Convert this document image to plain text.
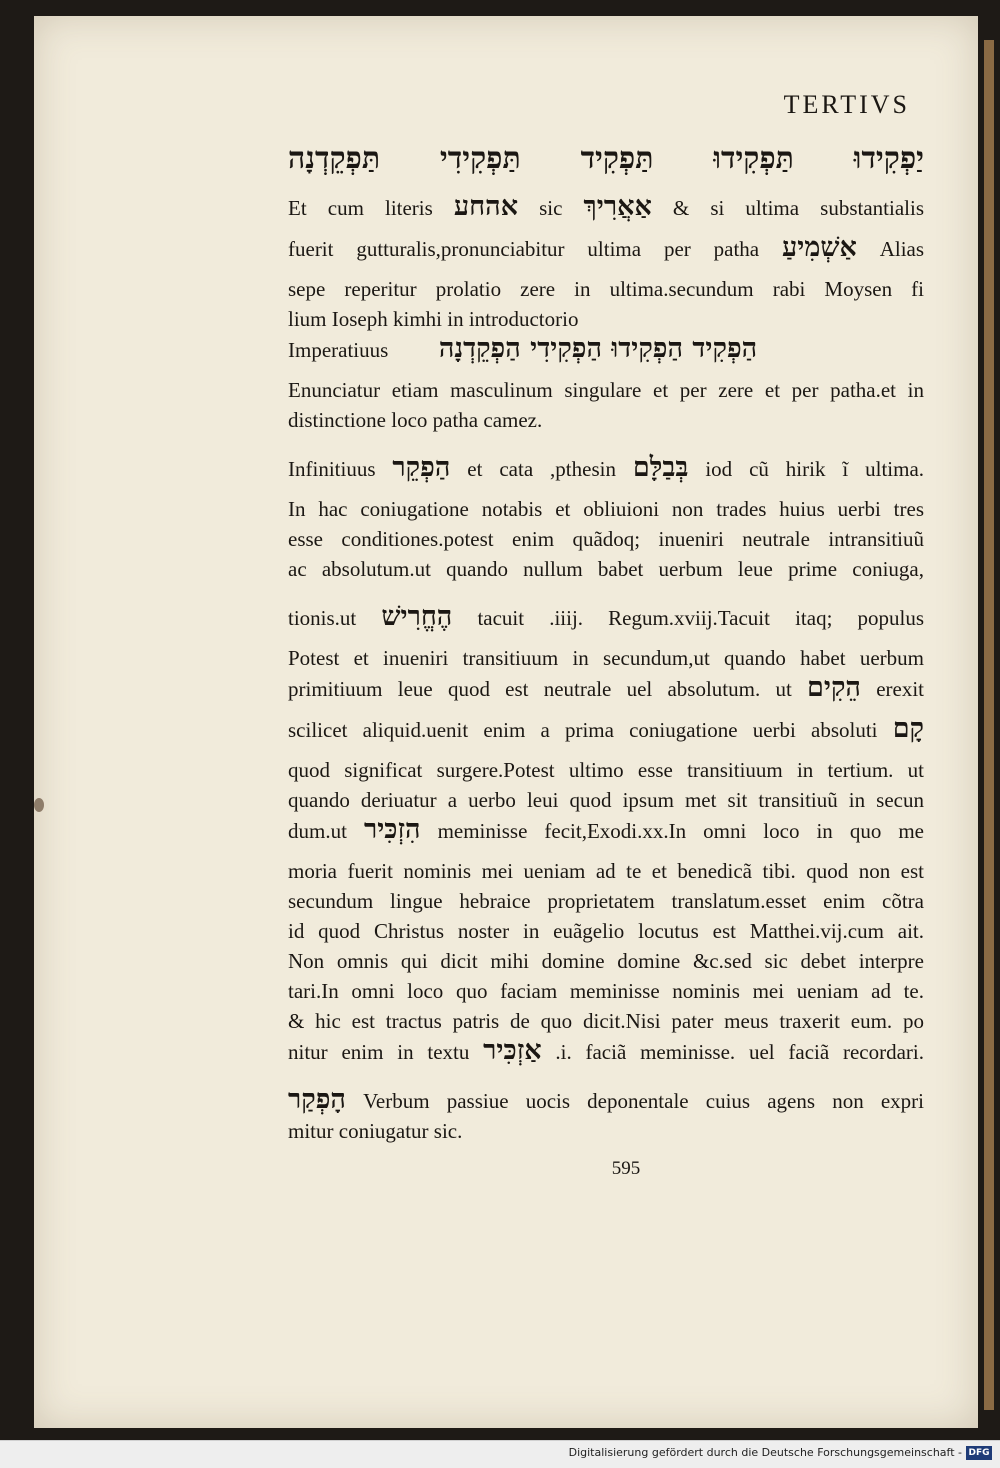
TERTIVS
יַפְקִידוּ תַּפְקִידוּ תַּפְקִיד תַּפְקִידִי תַּפְקֵדְנָה
Et cum literis אהחע sic אַאֲרִיךְ & si ultima substantialis
fuerit gutturalis,pronunciabitur ultima per patha אַשְׁמִיעַ Alias
sepe reperitur prolatio zere in ultima.secundum rabi Moysen fi
lium Ioseph kimhi in introductorio
Imperatiuus הַפְקִיד הַפְקִידוּ הַפְקִידִי הַפְקֵדְנָה
Enunciatur etiam masculinum singulare et per zere et per patha.et in
distinctione loco patha camez.
Infinitiuus הַפְקֵר et cata ,pthesin בְּבַלָּם iod cũ hirik ĩ ultima.
In hac coniugatione notabis et obliuioni non trades huius uerbi tres
esse conditiones.potest enim quãdoq; inueniri neutrale intransitiuũ
ac absolutum.ut quando nullum babet uerbum leue prime coniuga,
tionis.ut הֶחֱרִישׁ tacuit .iiij. Regum.xviij.Tacuit itaq; populus
Potest et inueniri transitiuum in secundum,ut quando habet uerbum
primitiuum leue quod est neutrale uel absolutum. ut הֵקִים erexit
scilicet aliquid.uenit enim a prima coniugatione uerbi absoluti קָם
quod significat surgere.Potest ultimo esse transitiuum in tertium. ut
quando deriuatur a uerbo leui quod ipsum met sit transitiuũ in secun
dum.ut הִזְכִּיר meminisse fecit,Exodi.xx.In omni loco in quo me
moria fuerit nominis mei ueniam ad te et benedicã tibi. quod non est
secundum lingue hebraice proprietatem translatum.esset enim cõtra
id quod Christus noster in euãgelio locutus est Matthei.vij.cum ait.
Non omnis qui dicit mihi domine domine &c.sed sic debet interpre
tari.In omni loco quo faciam meminisse nominis mei ueniam ad te.
& hic est tractus patris de quo dicit.Nisi pater meus traxerit eum. po
nitur enim in textu אַזְכִּיר .i. faciã meminisse. uel faciã recordari.
הָפְקַר Verbum passiue uocis deponentale cuius agens non expri
mitur coniugatur sic.
595
Digitalisierung gefördert durch die Deutsche Forschungsgemeinschaft - DFG
